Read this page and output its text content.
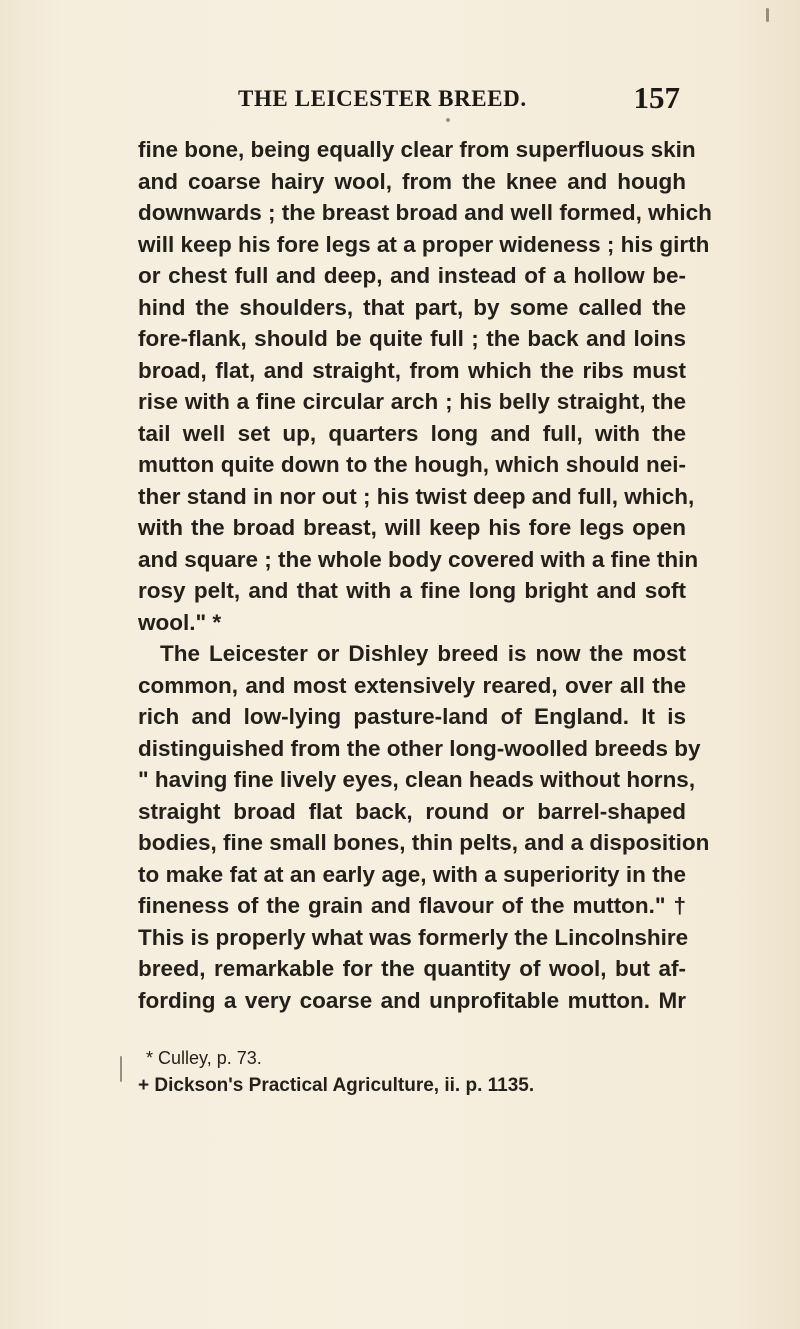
THE LEICESTER BREED.	157
fine bone, being equally clear from superfluous skin
and coarse hairy wool, from the knee and hough
downwards ; the breast broad and well formed, which
will keep his fore legs at a proper wideness ; his girth
or chest full and deep, and instead of a hollow be-
hind the shoulders, that part, by some called the
fore-flank, should be quite full ; the back and loins
broad, flat, and straight, from which the ribs must
rise with a fine circular arch ; his belly straight, the
tail well set up, quarters long and full, with the
mutton quite down to the hough, which should nei-
ther stand in nor out ; his twist deep and full, which,
with the broad breast, will keep his fore legs open
and square ; the whole body covered with a fine thin
rosy pelt, and that with a fine long bright and soft
wool." *
The Leicester or Dishley breed is now the most
common, and most extensively reared, over all the
rich and low-lying pasture-land of England. It is
distinguished from the other long-woolled breeds by
" having fine lively eyes, clean heads without horns,
straight broad flat back, round or barrel-shaped
bodies, fine small bones, thin pelts, and a disposition
to make fat at an early age, with a superiority in the
fineness of the grain and flavour of the mutton." †
This is properly what was formerly the Lincolnshire
breed, remarkable for the quantity of wool, but af-
fording a very coarse and unprofitable mutton. Mr
* Culley, p. 73.
+ Dickson's Practical Agriculture, ii. p. 1135.
